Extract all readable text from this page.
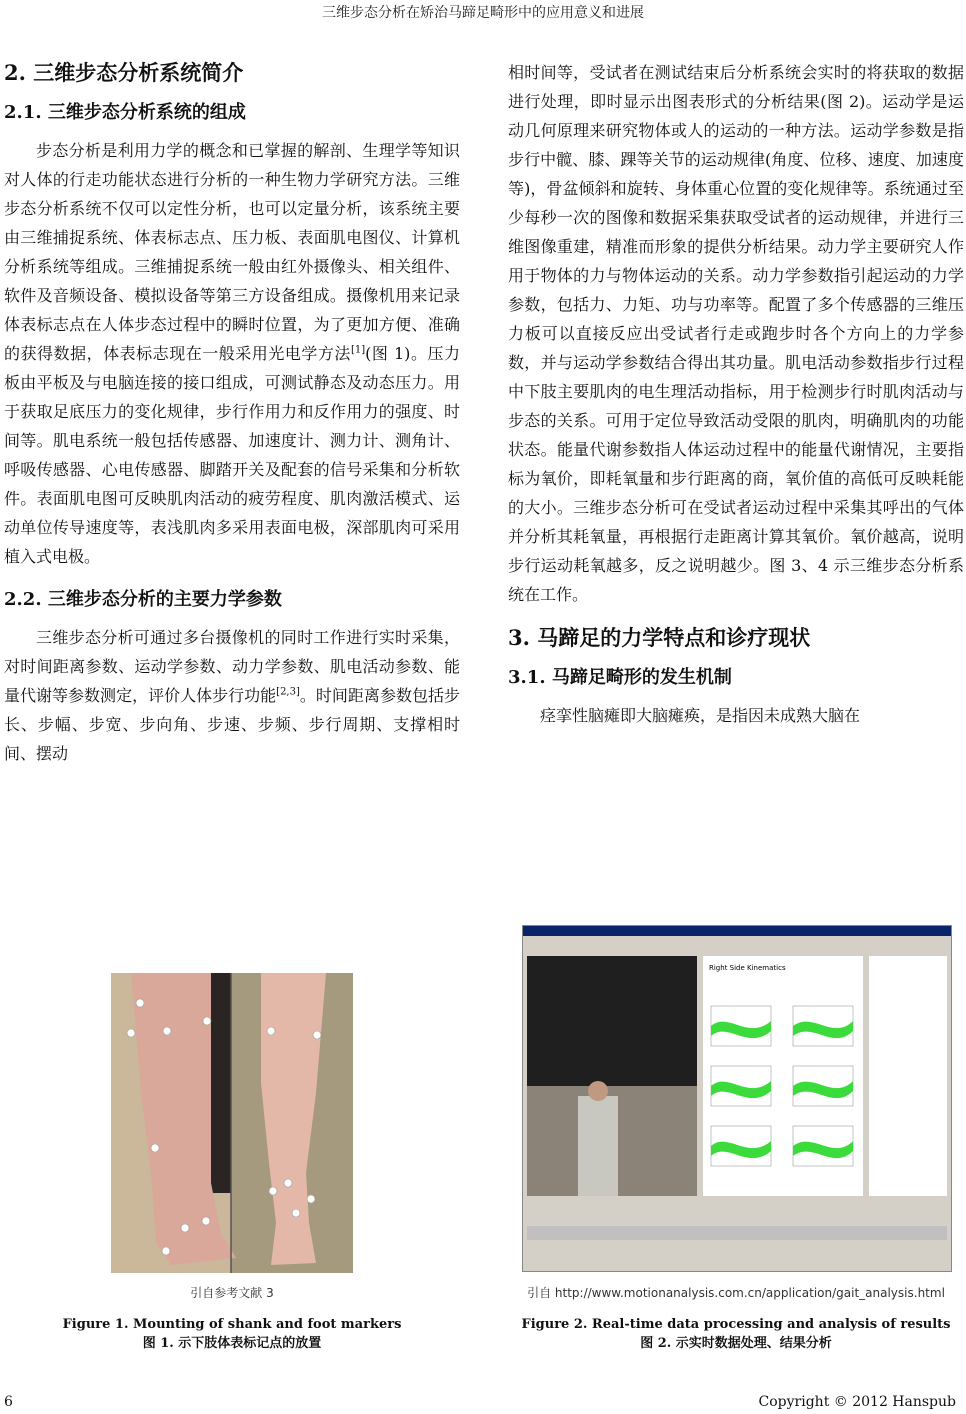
三维步态分析在矫治马蹄足畸形中的应用意义和进展
2. 三维步态分析系统简介
2.1. 三维步态分析系统的组成

步态分析是利用力学的概念和已掌握的解剖、生理学等知识对人体的行走功能状态进行分析的一种生物力学研究方法。三维步态分析系统不仅可以定性分析，也可以定量分析，该系统主要由三维捕捉系统、体表标志点、压力板、表面肌电图仪、计算机分析系统等组成。三维捕捉系统一般由红外摄像头、相关组件、软件及音频设备、模拟设备等第三方设备组成。摄像机用来记录体表标志点在人体步态过程中的瞬时位置，为了更加方便、准确的获得数据，体表标志现在一般采用光电学方法[1](图 1)。压力板由平板及与电脑连接的接口组成，可测试静态及动态压力。用于获取足底压力的变化规律，步行作用力和反作用力的强度、时间等。肌电系统一般包括传感器、加速度计、测力计、测角计、呼吸传感器、心电传感器、脚踏开关及配套的信号采集和分析软件。表面肌电图可反映肌肉活动的疲劳程度、肌肉激活模式、运动单位传导速度等，表浅肌肉多采用表面电极，深部肌肉可采用植入式电极。

2.2. 三维步态分析的主要力学参数

三维步态分析可通过多台摄像机的同时工作进行实时采集，对时间距离参数、运动学参数、动力学参数、肌电活动参数、能量代谢等参数测定，评价人体步行功能[2,3]。时间距离参数包括步长、步幅、步宽、步向角、步速、步频、步行周期、支撑相时间、摆动

相时间等，受试者在测试结束后分析系统会实时的将获取的数据进行处理，即时显示出图表形式的分析结果(图 2)。运动学是运动几何原理来研究物体或人的运动的一种方法。运动学参数是指步行中髋、膝、踝等关节的运动规律(角度、位移、速度、加速度等)，骨盆倾斜和旋转、身体重心位置的变化规律等。系统通过至少每秒一次的图像和数据采集获取受试者的运动规律，并进行三维图像重建，精准而形象的提供分析结果。动力学主要研究人作用于物体的力与物体运动的关系。动力学参数指引起运动的力学参数，包括力、力矩、功与功率等。配置了多个传感器的三维压力板可以直接反应出受试者行走或跑步时各个方向上的力学参数，并与运动学参数结合得出其功量。肌电活动参数指步行过程中下肢主要肌肉的电生理活动指标，用于检测步行时肌肉活动与步态的关系。可用于定位导致活动受限的肌肉，明确肌肉的功能状态。能量代谢参数指人体运动过程中的能量代谢情况，主要指标为氧价，即耗氧量和步行距离的商，氧价值的高低可反映耗能的大小。三维步态分析可在受试者运动过程中采集其呼出的气体并分析其耗氧量，再根据行走距离计算其氧价。氧价越高，说明步行运动耗氧越多，反之说明越少。图 3、4 示三维步态分析系统在工作。

3. 马蹄足的力学特点和诊疗现状
3.1. 马蹄足畸形的发生机制

痉挛性脑瘫即大脑瘫痪，是指因未成熟大脑在

引自参考文献 3
Figure 1. Mounting of shank and foot markers
图 1. 示下肢体表标记点的放置
Right Side Kinematics
引自 http://www.motionanalysis.com.cn/application/gait_analysis.html
Figure 2. Real-time data processing and analysis of results
图 2. 示实时数据处理、结果分析
6	Copyright © 2012 Hanspub
